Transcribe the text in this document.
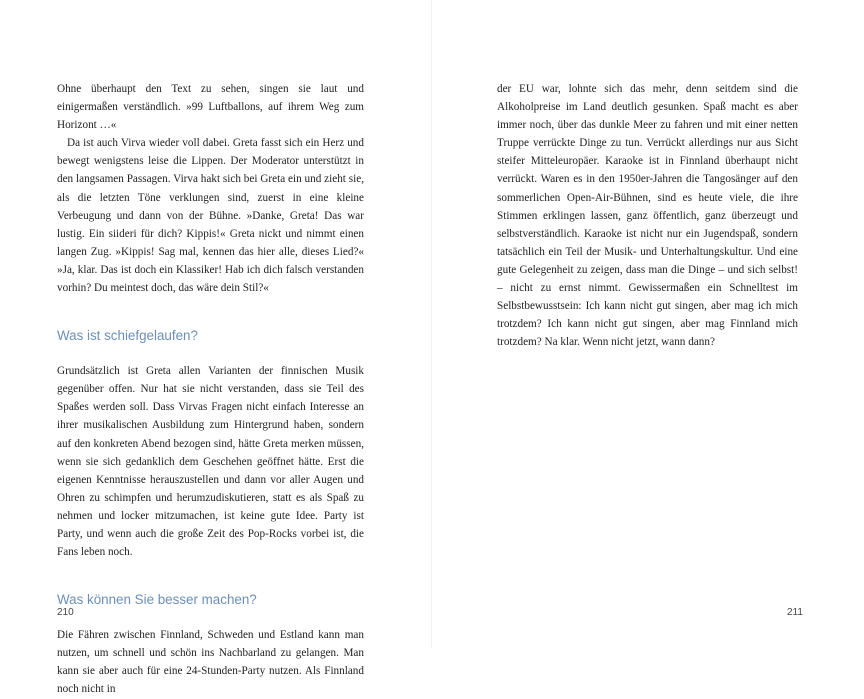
Ohne überhaupt den Text zu sehen, singen sie laut und einigermaßen verständlich. »99 Luftballons, auf ihrem Weg zum Horizont …«

Da ist auch Virva wieder voll dabei. Greta fasst sich ein Herz und bewegt wenigstens leise die Lippen. Der Moderator unterstützt in den langsamen Passagen. Virva hakt sich bei Greta ein und zieht sie, als die letzten Töne verklungen sind, zuerst in eine kleine Verbeugung und dann von der Bühne. »Danke, Greta! Das war lustig. Ein siideri für dich? Kippis!« Greta nickt und nimmt einen langen Zug. »Kippis! Sag mal, kennen das hier alle, dieses Lied?« »Ja, klar. Das ist doch ein Klassiker! Hab ich dich falsch verstanden vorhin? Du meintest doch, das wäre dein Stil?«

Was ist schiefgelaufen?

Grundsätzlich ist Greta allen Varianten der finnischen Musik gegenüber offen. Nur hat sie nicht verstanden, dass sie Teil des Spaßes werden soll. Dass Virvas Fragen nicht einfach Interesse an ihrer musikalischen Ausbildung zum Hintergrund haben, sondern auf den konkreten Abend bezogen sind, hätte Greta merken müssen, wenn sie sich gedanklich dem Geschehen geöffnet hätte. Erst die eigenen Kenntnisse herauszustellen und dann vor aller Augen und Ohren zu schimpfen und herumzudiskutieren, statt es als Spaß zu nehmen und locker mitzumachen, ist keine gute Idee. Party ist Party, und wenn auch die große Zeit des Pop-Rocks vorbei ist, die Fans leben noch.

Was können Sie besser machen?

Die Fähren zwischen Finnland, Schweden und Estland kann man nutzen, um schnell und schön ins Nachbarland zu gelangen. Man kann sie aber auch für eine 24-Stunden-Party nutzen. Als Finnland noch nicht in

210

der EU war, lohnte sich das mehr, denn seitdem sind die Alkoholpreise im Land deutlich gesunken. Spaß macht es aber immer noch, über das dunkle Meer zu fahren und mit einer netten Truppe verrückte Dinge zu tun. Verrückt allerdings nur aus Sicht steifer Mitteleuropäer. Karaoke ist in Finnland überhaupt nicht verrückt. Waren es in den 1950er-Jahren die Tangosänger auf den sommerlichen Open-Air-Bühnen, sind es heute viele, die ihre Stimmen erklingen lassen, ganz öffentlich, ganz überzeugt und selbstverständlich. Karaoke ist nicht nur ein Jugendspaß, sondern tatsächlich ein Teil der Musik- und Unterhaltungskultur. Und eine gute Gelegenheit zu zeigen, dass man die Dinge – und sich selbst! – nicht zu ernst nimmt. Gewissermaßen ein Schnelltest im Selbstbewusstsein: Ich kann nicht gut singen, aber mag ich mich trotzdem? Ich kann nicht gut singen, aber mag Finnland mich trotzdem? Na klar. Wenn nicht jetzt, wann dann?

211
